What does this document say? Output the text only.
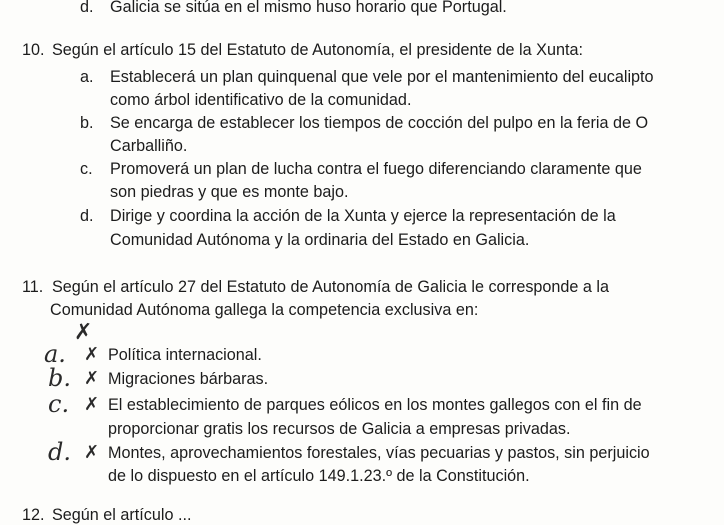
d. Galicia se sitúa en el mismo huso horario que Portugal.
10. Según el artículo 15 del Estatuto de Autonomía, el presidente de la Xunta:
a. Establecerá un plan quinquenal que vele por el mantenimiento del eucalipto
como árbol identificativo de la comunidad.
b. Se encarga de establecer los tiempos de cocción del pulpo en la feria de O
Carballiño.
c. Promoverá un plan de lucha contra el fuego diferenciando claramente que
son piedras y que es monte bajo.
d. Dirige y coordina la acción de la Xunta y ejerce la representación de la
Comunidad Autónoma y la ordinaria del Estado en Galicia.
11. Según el artículo 27 del Estatuto de Autonomía de Galicia le corresponde a la
Comunidad Autónoma gallega la competencia exclusiva en:
✗
a. ✗ Política internacional.
b. ✗ Migraciones bárbaras.
c. ✗ El establecimiento de parques eólicos en los montes gallegos con el fin de
proporcionar gratis los recursos de Galicia a empresas privadas.
d. ✗ Montes, aprovechamientos forestales, vías pecuarias y pastos, sin perjuicio
de lo dispuesto en el artículo 149.1.23.º de la Constitución.
12. Según el artículo ...
